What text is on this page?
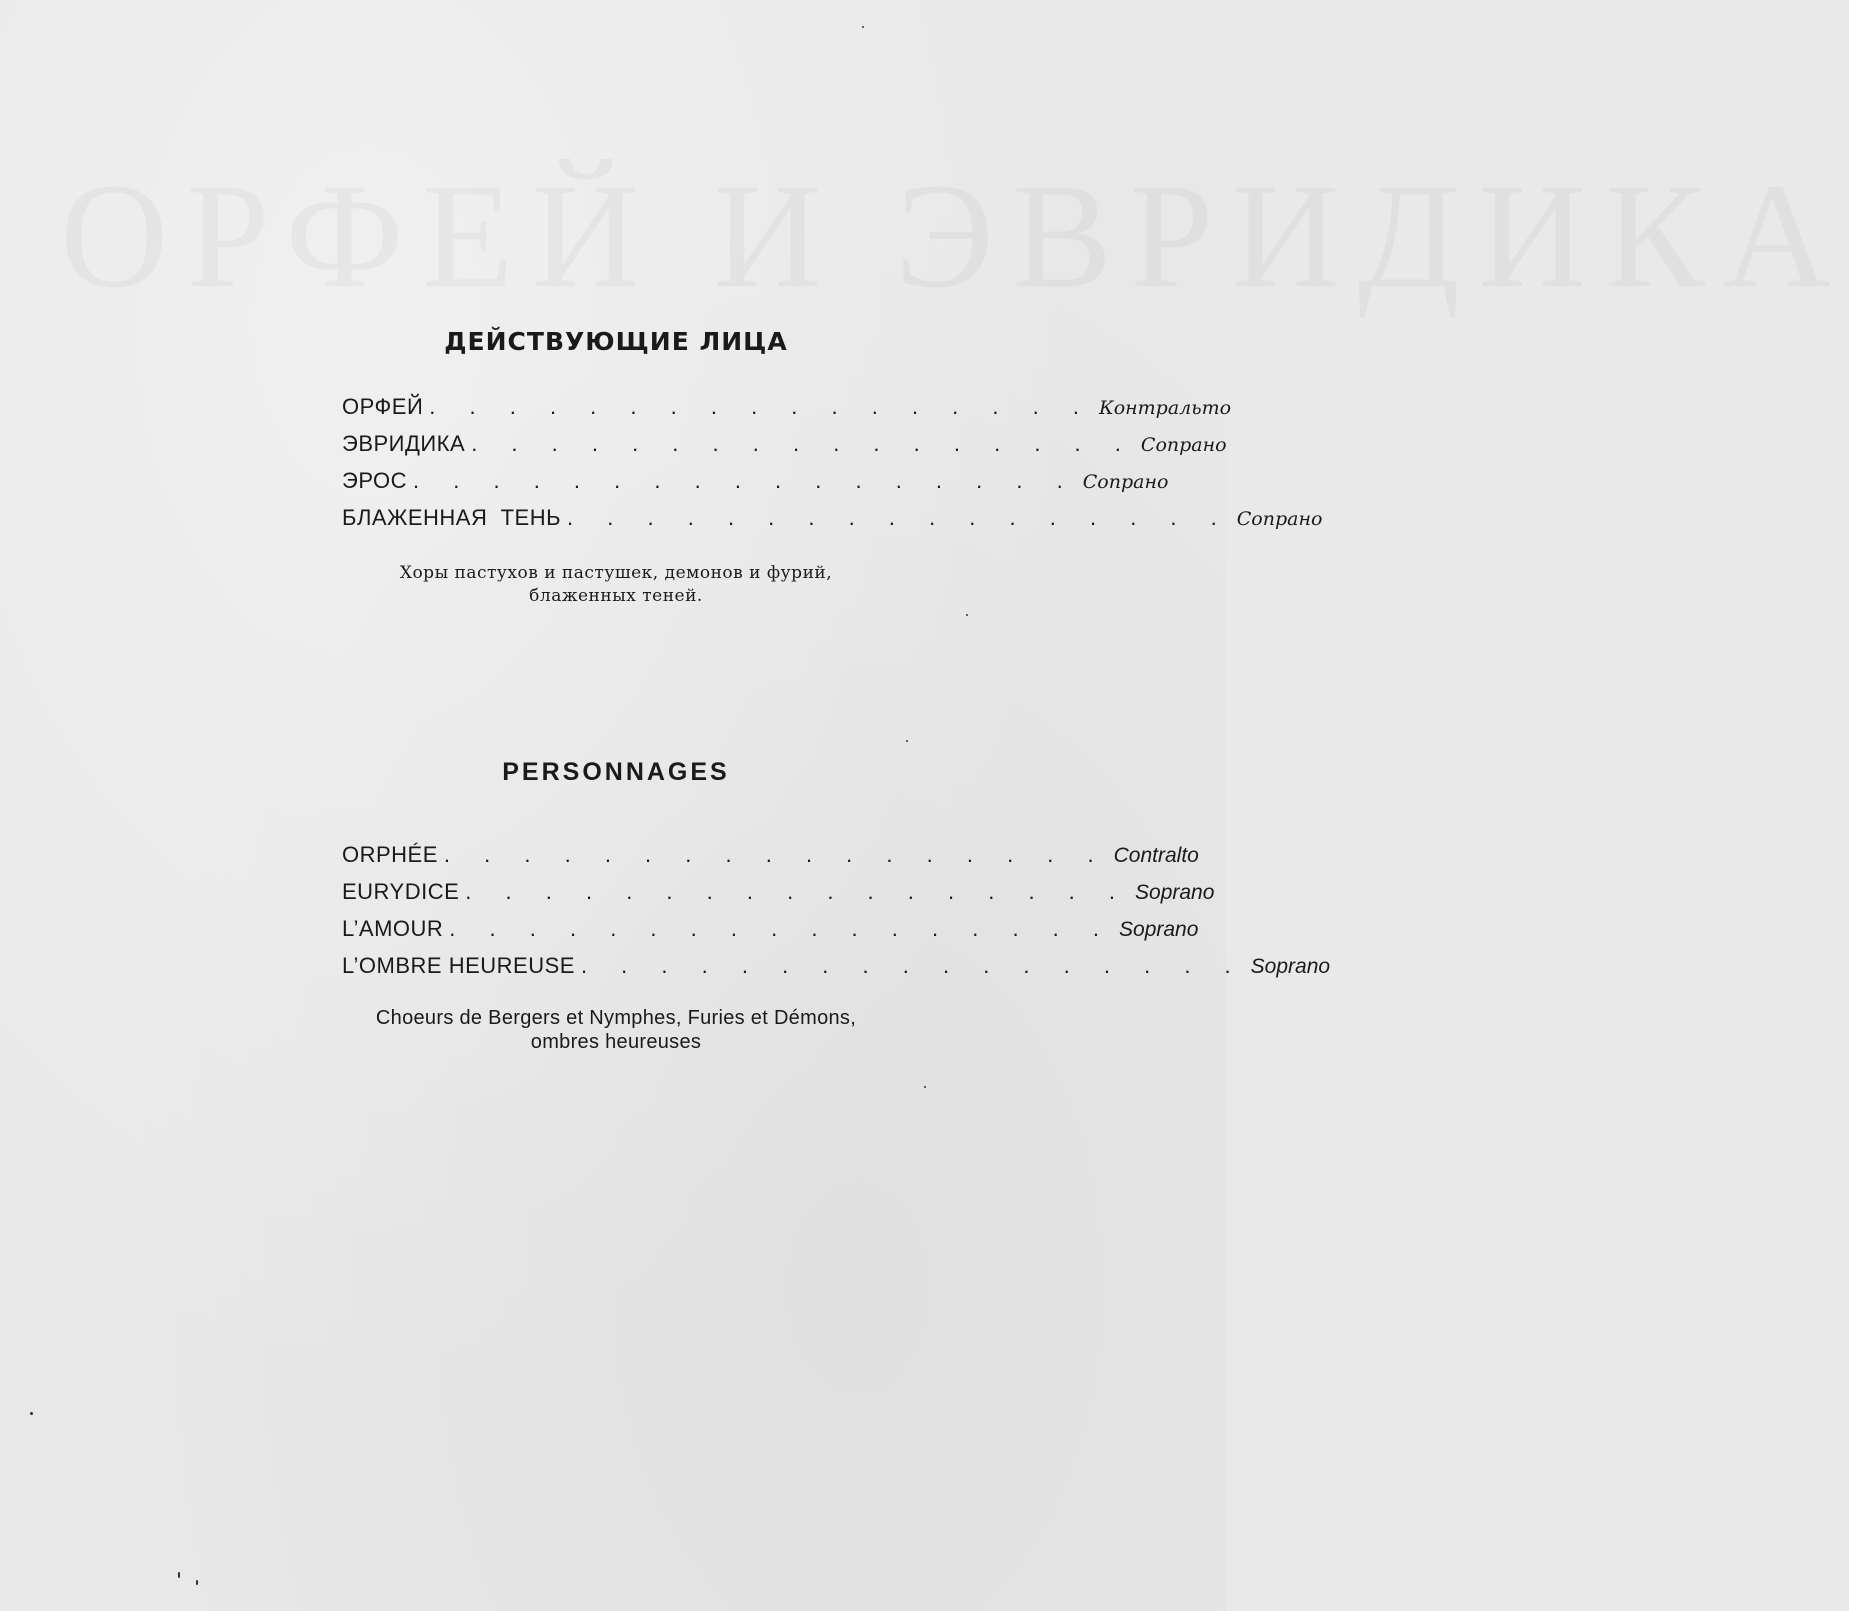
ДЕЙСТВУЮЩИЕ ЛИЦА
ОРФЕЙ . . . . . . . . . . . . . . . . . Контральто
ЭВРИДИКА . . . . . . . . . . . . . . . . . Сопрано
ЭРОС . . . . . . . . . . . . . . . . . Сопрано
БЛАЖЕННАЯ  ТЕНЬ . . . . . . . . . . . . . . . . . Сопрано
Хоры пастухов и пастушек, демонов и фурий,
блаженных теней.
PERSONNAGES
ORPHÉE . . . . . . . . . . . . . . . . . Contralto
EURYDICE . . . . . . . . . . . . . . . . . Soprano
L’AMOUR . . . . . . . . . . . . . . . . . Soprano
L’OMBRE HEUREUSE . . . . . . . . . . . . . . . . . Soprano
Choeurs de Bergers et Nymphes, Furies et Démons,
ombres heureuses
